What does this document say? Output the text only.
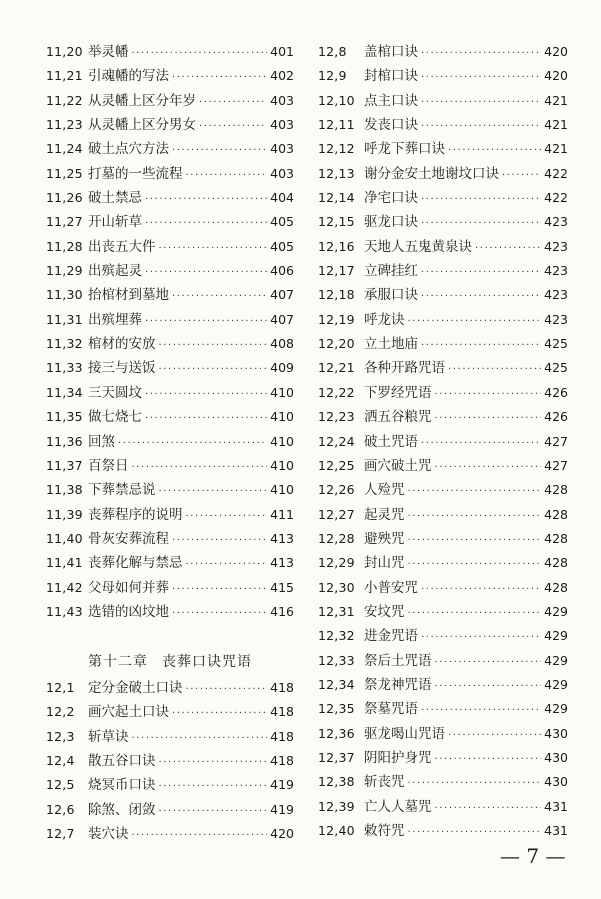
11,20 举灵幡 ·····	401
11,21 引魂幡的写法 ·····	402
11,22 从灵幡上区分年岁 ·····	403
11,23 从灵幡上区分男女 ·····	403
11,24 破土点穴方法 ·····	403
11,25 打墓的一些流程 ·····	403
11,26 破土禁忌 ·····	404
11,27 开山斩草 ·····	405
11,28 出丧五大件 ·····	405
11,29 出殡起灵 ·····	406
11,30 抬棺材到墓地 ·····	407
11,31 出殡埋葬 ·····	407
11,32 棺材的安放 ·····	408
11,33 接三与送饭 ·····	409
11,34 三天圆坟 ·····	410
11,35 做七烧七 ·····	410
11,36 回煞 ·····	410
11,37 百祭日 ·····	410
11,38 下葬禁忌说 ·····	410
11,39 丧葬程序的说明 ·····	411
11,40 骨灰安葬流程 ·····	413
11,41 丧葬化解与禁忌 ·····	413
11,42 父母如何并葬 ·····	415
11,43 选错的凶坟地 ·····	416
第十二章 丧葬口诀咒语
12,1 定分金破土口诀 ·····	418
12,2 画穴起土口诀 ·····	418
12,3 斩草诀 ·····	418
12,4 散五谷口诀 ·····	418
12,5 烧冥币口诀 ·····	419
12,6 除煞、闭敛 ·····	419
12,7 装穴诀 ·····	420
12,8	盖棺口诀 ·····	420
12,9	封棺口诀 ·····	420
12,10 点主口诀 ·····	421
12,11 发丧口诀 ·····	421
12,12 呼龙下葬口诀 ·····	421
12,13 谢分金安土地谢坟口诀 ·····	422
12,14 净宅口诀 ·····	422
12,15 驱龙口诀 ·····	423
12,16 天地人五鬼黄泉诀 ·····	423
12,17 立碑挂红 ·····	423
12,18 承服口诀 ·····	423
12,19 呼龙诀 ·····	423
12,20 立土地庙 ·····	425
12,21 各种开路咒语 ·····	425
12,22 下罗经咒语 ·····	426
12,23 洒五谷粮咒 ·····	426
12,24 破土咒语 ·····	427
12,25 画穴破土咒 ·····	427
12,26 人殓咒 ·····	428
12,27 起灵咒 ·····	428
12,28 避殃咒 ·····	428
12,29 封山咒 ·····	428
12,30 小普安咒 ·····	428
12,31 安坟咒 ·····	429
12,32 进金咒语 ·····	429
12,33 祭后土咒语 ·····	429
12,34 祭龙神咒语 ·····	429
12,35 祭墓咒语 ·····	429
12,36 驱龙喝山咒语 ·····	430
12,37 阴阳护身咒 ·····	430
12,38 斩丧咒 ·····	430
12,39 亡人人墓咒 ·····	431
12,40 敕符咒 ·····	431
— 7 —
